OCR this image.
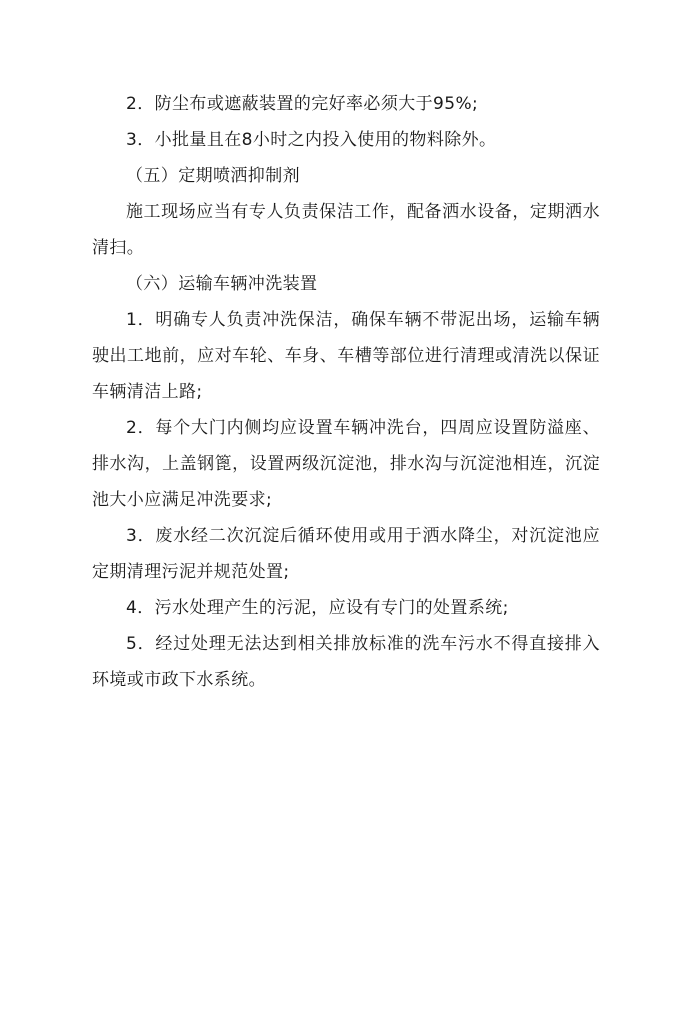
2．防尘布或遮蔽装置的完好率必须大于95%;

3．小批量且在8小时之内投入使用的物料除外。

（五）定期喷洒抑制剂

施工现场应当有专人负责保洁工作，配备洒水设备，定期洒水清扫。

（六）运输车辆冲洗装置

1．明确专人负责冲洗保洁，确保车辆不带泥出场，运输车辆驶出工地前，应对车轮、车身、车槽等部位进行清理或清洗以保证车辆清洁上路;

2．每个大门内侧均应设置车辆冲洗台，四周应设置防溢座、排水沟，上盖钢篦，设置两级沉淀池，排水沟与沉淀池相连，沉淀池大小应满足冲洗要求;

3．废水经二次沉淀后循环使用或用于洒水降尘，对沉淀池应定期清理污泥并规范处置;

4．污水处理产生的污泥，应设有专门的处置系统;

5．经过处理无法达到相关排放标准的洗车污水不得直接排入环境或市政下水系统。
